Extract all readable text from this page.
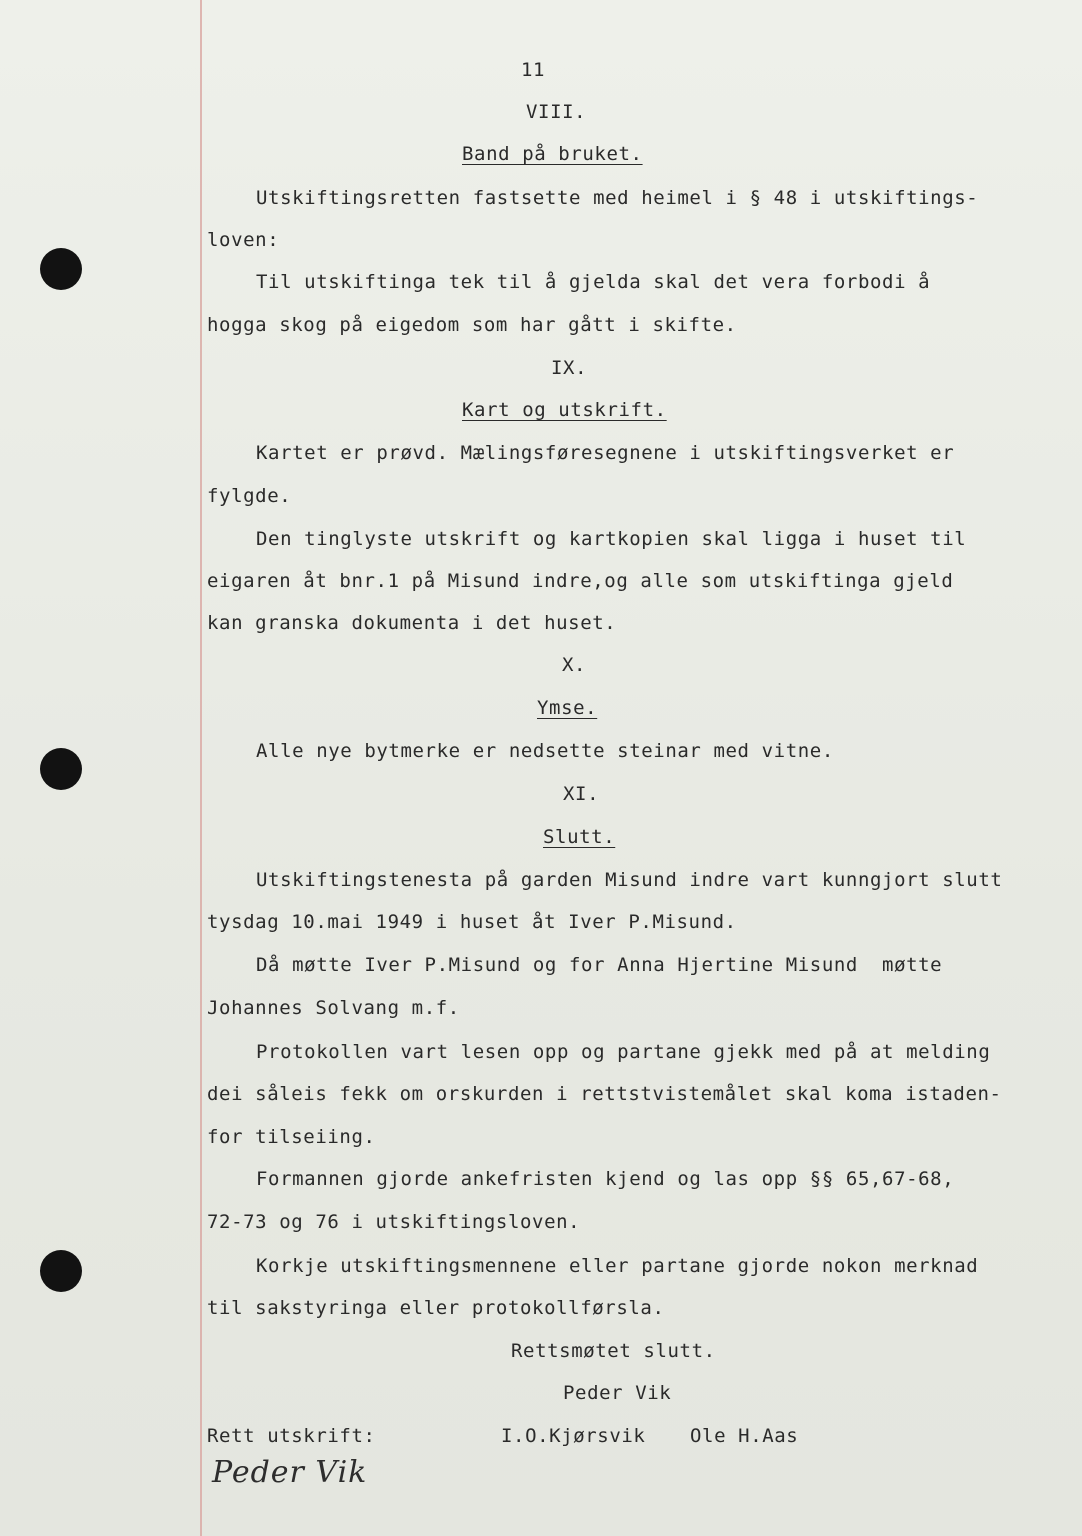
11
VIII.
Band på bruket.
Utskiftingsretten fastsette med heimel i § 48 i utskiftings-
loven:
Til utskiftinga tek til å gjelda skal det vera forbodi å
hogga skog på eigedom som har gått i skifte.
IX.
Kart og utskrift.
Kartet er prøvd. Mælingsføresegnene i utskiftingsverket er
fylgde.
Den tinglyste utskrift og kartkopien skal ligga i huset til
eigaren åt bnr.1 på Misund indre,og alle som utskiftinga gjeld
kan granska dokumenta i det huset.
X.
Ymse.
Alle nye bytmerke er nedsette steinar med vitne.
XI.
Slutt.
Utskiftingstenesta på garden Misund indre vart kunngjort slutt
tysdag 10.mai 1949 i huset åt Iver P.Misund.
Då møtte Iver P.Misund og for Anna Hjertine Misund  møtte
Johannes Solvang m.f.
Protokollen vart lesen opp og partane gjekk med på at melding
dei såleis fekk om orskurden i rettstvistemålet skal koma istaden-
for tilseiing.
Formannen gjorde ankefristen kjend og las opp §§ 65,67-68,
72-73 og 76 i utskiftingsloven.
Korkje utskiftingsmennene eller partane gjorde nokon merknad
til sakstyringa eller protokollførsla.
Rettsmøtet slutt.
Peder Vik
Rett utskrift:	I.O.Kjørsvik Ole H.Aas
Peder Vik
